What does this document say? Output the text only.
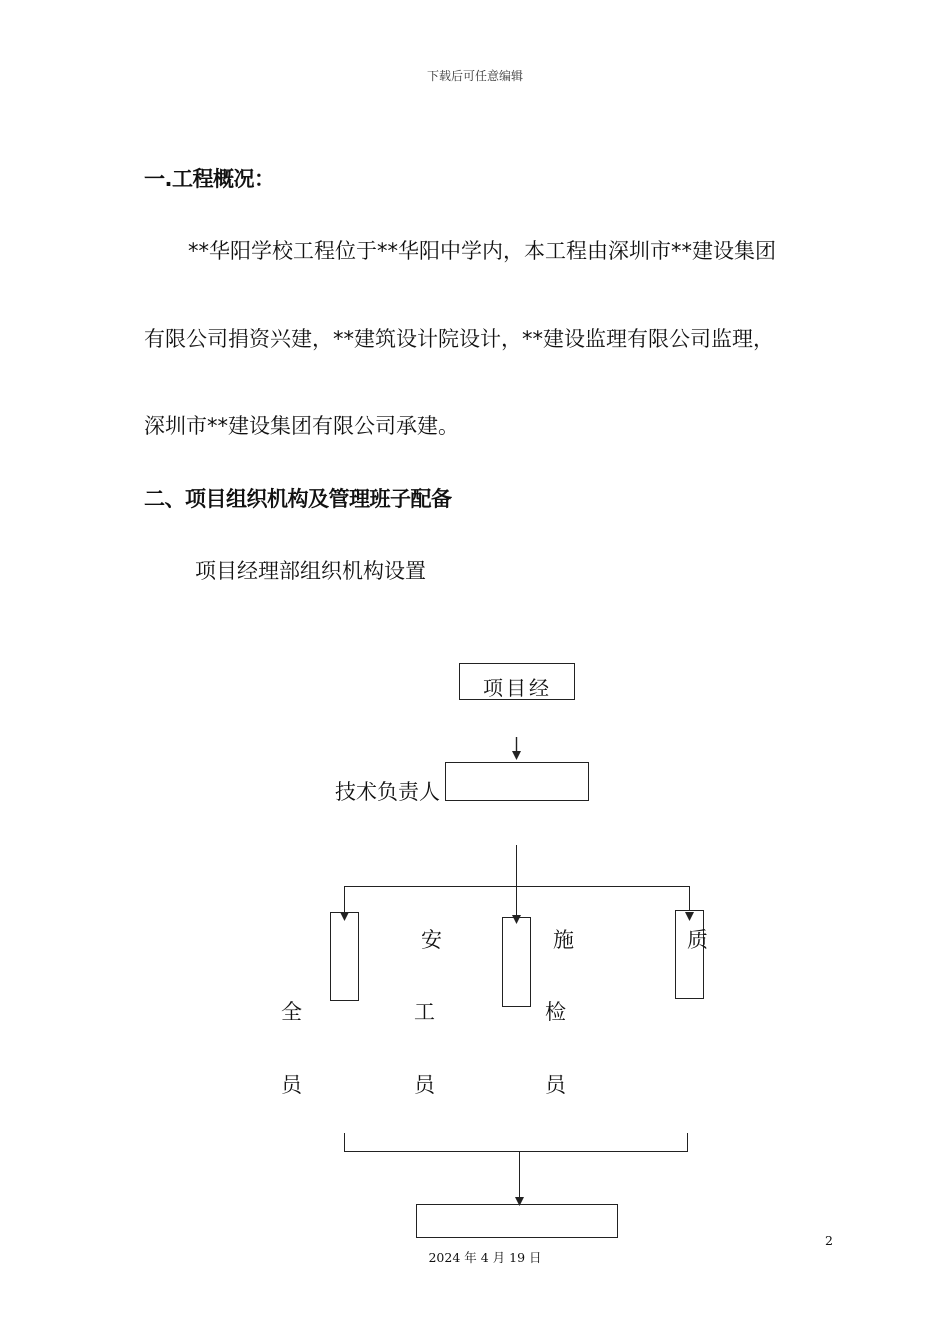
下载后可任意编辑
一.工程概况：
**华阳学校工程位于**华阳中学内，本工程由深圳市**建设集团
有限公司捐资兴建，**建筑设计院设计，**建设监理有限公司监理，
深圳市**建设集团有限公司承建。
二、项目组织机构及管理班子配备
项目经理部组织机构设置
项目经
技术负责人
安	施	质
全	工	检
员	员	员
2024 年 4 月 19 日
2
